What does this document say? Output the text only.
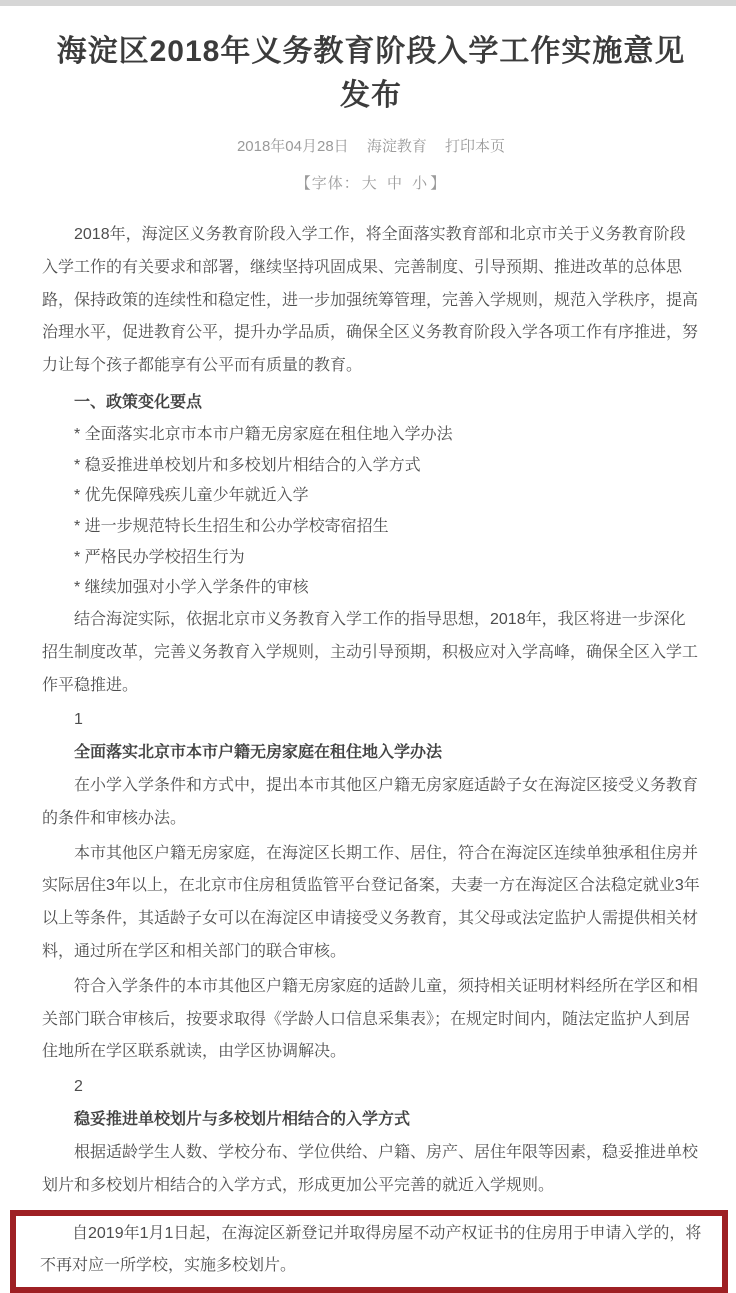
海淀区2018年义务教育阶段入学工作实施意见发布
2018年04月28日 海淀教育 打印本页
【字体： 大 中 小 】

2018年，海淀区义务教育阶段入学工作，将全面落实教育部和北京市关于义务教育阶段入学工作的有关要求和部署，继续坚持巩固成果、完善制度、引导预期、推进改革的总体思路，保持政策的连续性和稳定性，进一步加强统筹管理，完善入学规则，规范入学秩序，提高治理水平，促进教育公平，提升办学品质，确保全区义务教育阶段入学各项工作有序推进，努力让每个孩子都能享有公平而有质量的教育。

一、政策变化要点

* 全面落实北京市本市户籍无房家庭在租住地入学办法

* 稳妥推进单校划片和多校划片相结合的入学方式

* 优先保障残疾儿童少年就近入学

* 进一步规范特长生招生和公办学校寄宿招生

* 严格民办学校招生行为

* 继续加强对小学入学条件的审核

结合海淀实际，依据北京市义务教育入学工作的指导思想，2018年，我区将进一步深化招生制度改革，完善义务教育入学规则，主动引导预期，积极应对入学高峰，确保全区入学工作平稳推进。

1

全面落实北京市本市户籍无房家庭在租住地入学办法

在小学入学条件和方式中，提出本市其他区户籍无房家庭适龄子女在海淀区接受义务教育的条件和审核办法。

本市其他区户籍无房家庭，在海淀区长期工作、居住，符合在海淀区连续单独承租住房并实际居住3年以上，在北京市住房租赁监管平台登记备案，夫妻一方在海淀区合法稳定就业3年以上等条件，其适龄子女可以在海淀区申请接受义务教育，其父母或法定监护人需提供相关材料，通过所在学区和相关部门的联合审核。

符合入学条件的本市其他区户籍无房家庭的适龄儿童，须持相关证明材料经所在学区和相关部门联合审核后，按要求取得《学龄人口信息采集表》；在规定时间内，随法定监护人到居住地所在学区联系就读，由学区协调解决。

2

稳妥推进单校划片与多校划片相结合的入学方式

根据适龄学生人数、学校分布、学位供给、户籍、房产、居住年限等因素，稳妥推进单校划片和多校划片相结合的入学方式，形成更加公平完善的就近入学规则。

自2019年1月1日起，在海淀区新登记并取得房屋不动产权证书的住房用于申请入学的，将不再对应一所学校，实施多校划片。
